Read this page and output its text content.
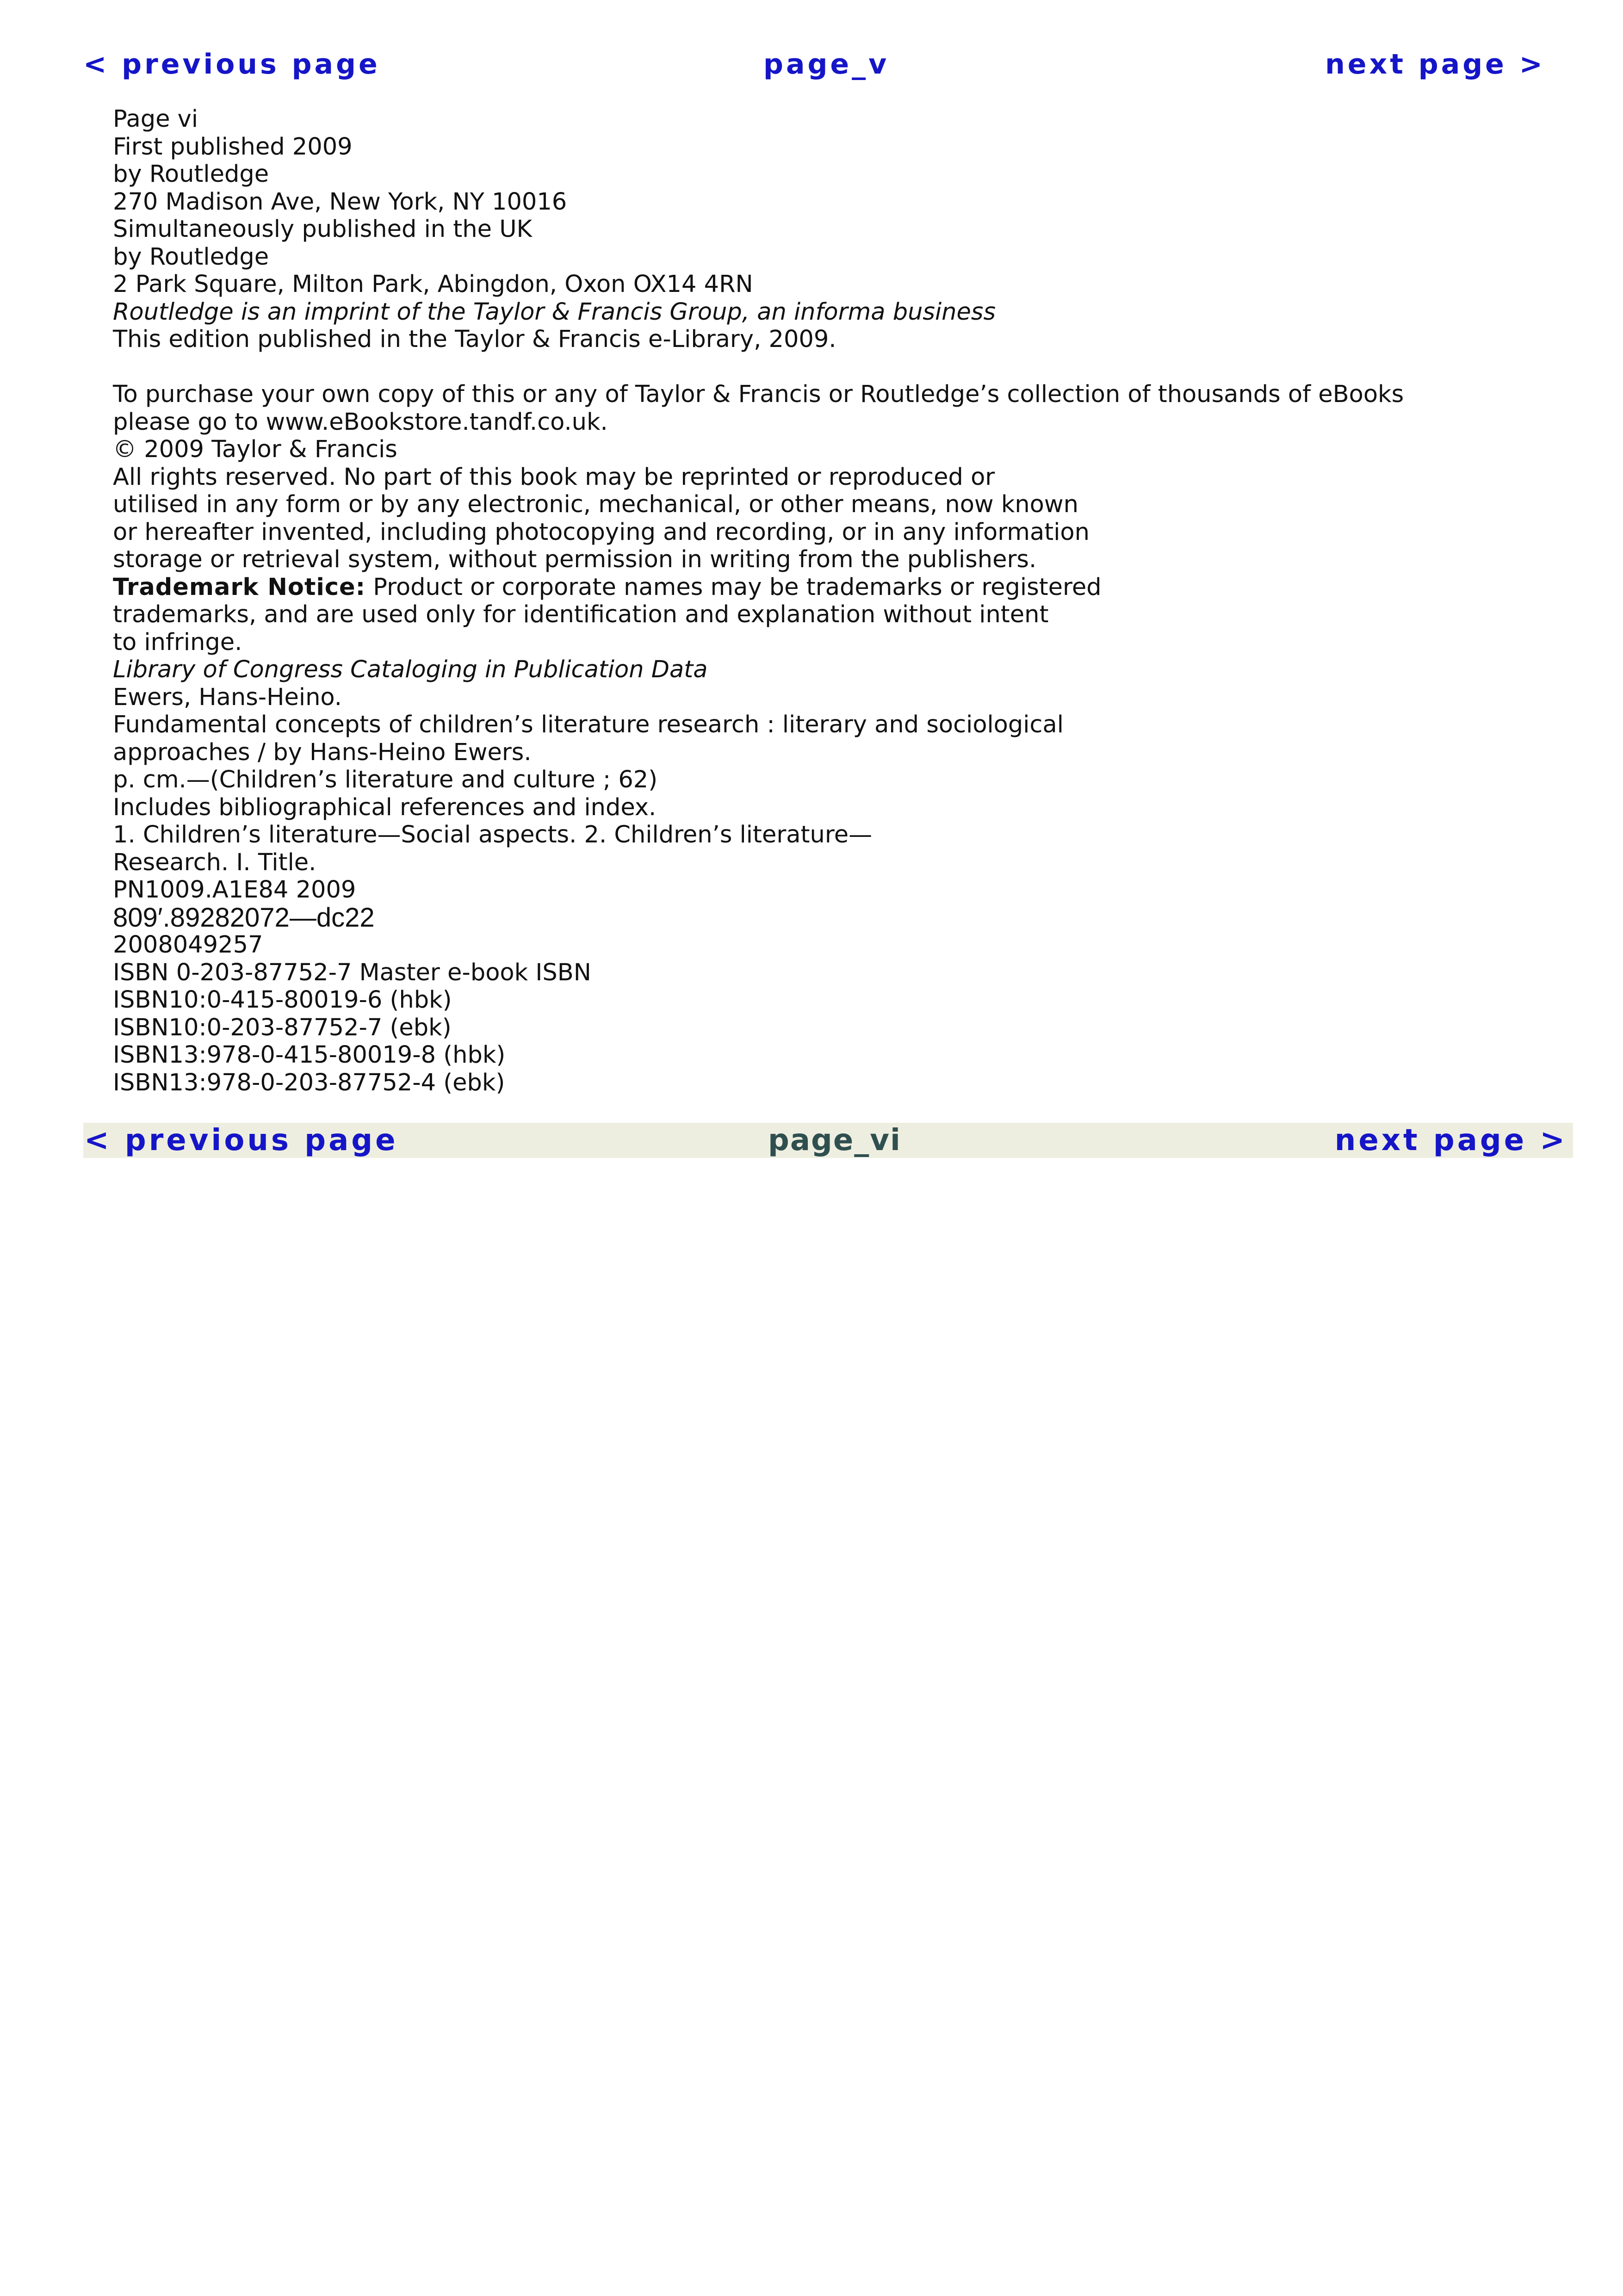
< previous page	page_v	next page >
Page vi
First published 2009
by Routledge
270 Madison Ave, New York, NY 10016
Simultaneously published in the UK
by Routledge
2 Park Square, Milton Park, Abingdon, Oxon OX14 4RN
Routledge is an imprint of the Taylor & Francis Group, an informa business
This edition published in the Taylor & Francis e-Library, 2009.
To purchase your own copy of this or any of Taylor & Francis or Routledge’s collection of thousands of eBooks
please go to www.eBookstore.tandf.co.uk.
© 2009 Taylor & Francis
All rights reserved. No part of this book may be reprinted or reproduced or
utilised in any form or by any electronic, mechanical, or other means, now known
or hereafter invented, including photocopying and recording, or in any information
storage or retrieval system, without permission in writing from the publishers.
Trademark Notice: Product or corporate names may be trademarks or registered
trademarks, and are used only for identification and explanation without intent
to infringe.
Library of Congress Cataloging in Publication Data
Ewers, Hans-Heino.
Fundamental concepts of children’s literature research : literary and sociological
approaches / by Hans-Heino Ewers.
p. cm.—(Children’s literature and culture ; 62)
Includes bibliographical references and index.
1. Children’s literature—Social aspects. 2. Children’s literature—
Research. I. Title.
PN1009.A1E84 2009
809′.89282072—dc22
2008049257
ISBN 0-203-87752-7 Master e-book ISBN
ISBN10:0-415-80019-6 (hbk)
ISBN10:0-203-87752-7 (ebk)
ISBN13:978-0-415-80019-8 (hbk)
ISBN13:978-0-203-87752-4 (ebk)
< previous page	page_vi	next page >
